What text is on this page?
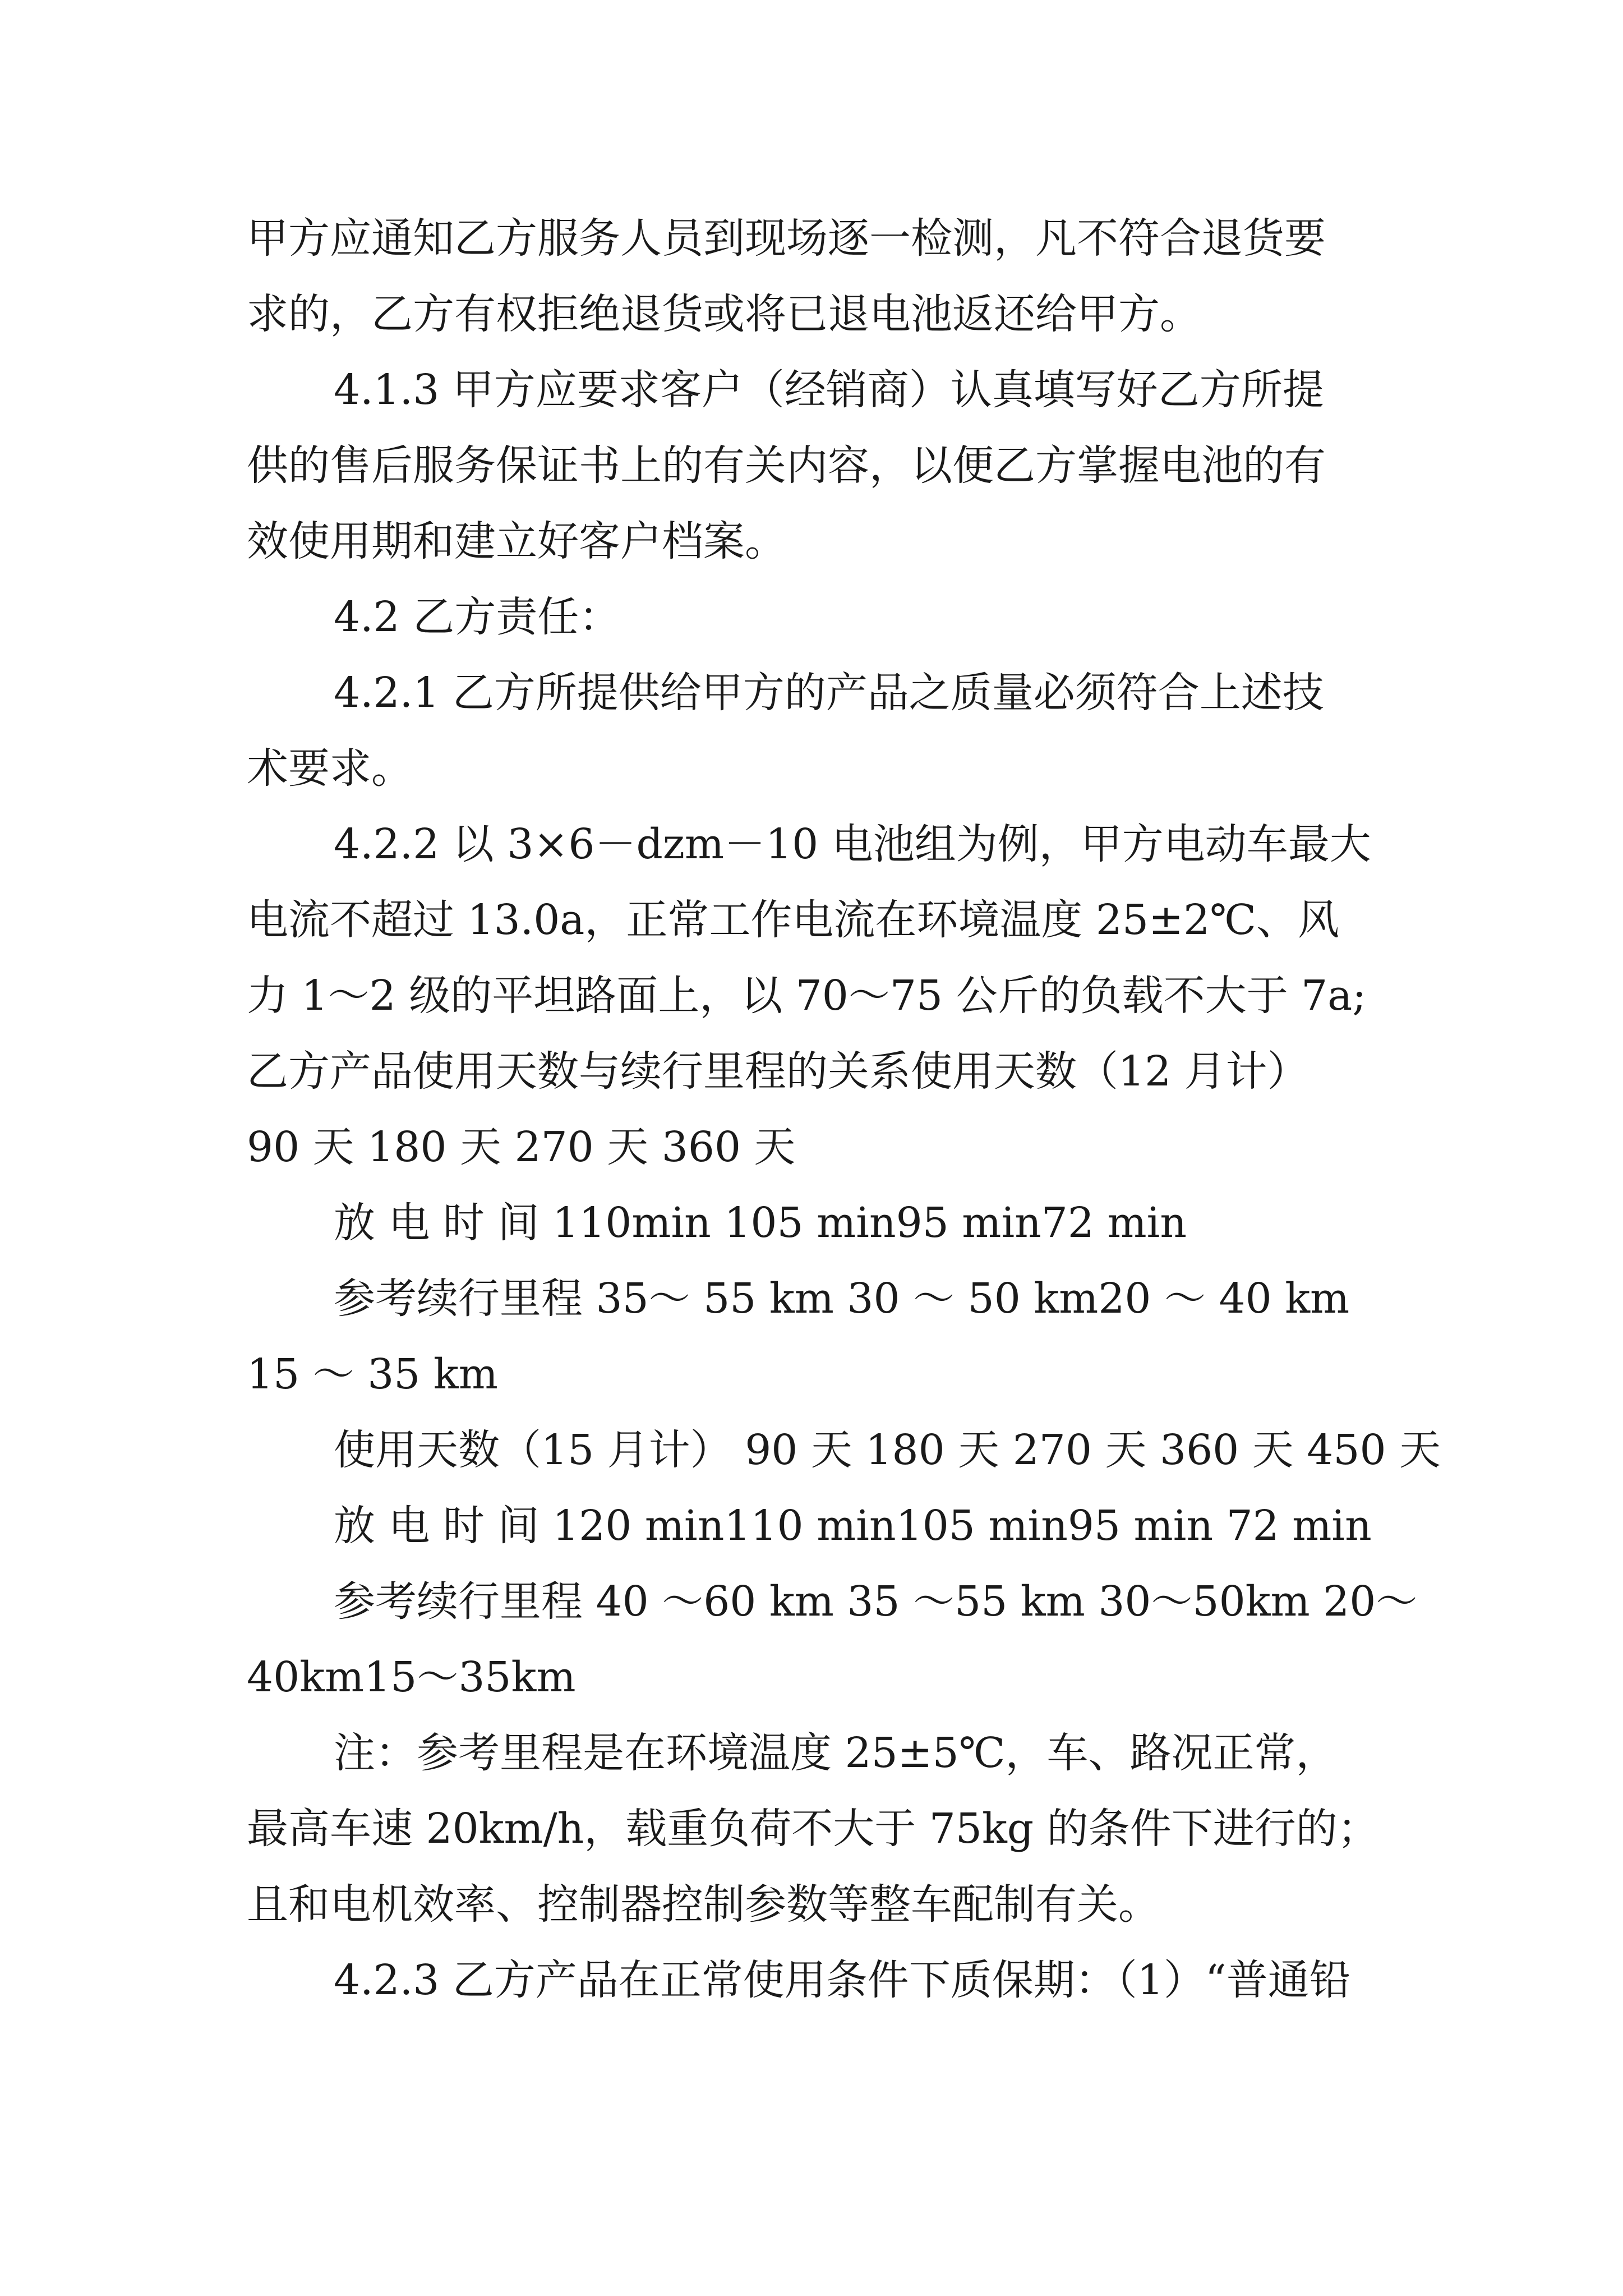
甲方应通知乙方服务人员到现场逐一检测，凡不符合退货要

求的，乙方有权拒绝退货或将已退电池返还给甲方。

4.1.3 甲方应要求客户（经销商）认真填写好乙方所提

供的售后服务保证书上的有关内容，以便乙方掌握电池的有

效使用期和建立好客户档案。

4.2 乙方责任：

4.2.1 乙方所提供给甲方的产品之质量必须符合上述技

术要求。

4.2.2 以 3×6－dzm－10 电池组为例，甲方电动车最大

电流不超过 13.0a，正常工作电流在环境温度 25±2℃、风

力 1～2 级的平坦路面上，以 70～75 公斤的负载不大于 7a;

乙方产品使用天数与续行里程的关系使用天数（12 月计）

90 天 180 天 270 天 360 天

放 电 时 间 110min 105 min95 min72 min

参考续行里程 35～ 55 km 30 ～ 50 km20 ～ 40 km

15 ～ 35 km

使用天数（15 月计） 90 天 180 天 270 天 360 天 450 天

放 电 时 间 120 min110 min105 min95 min 72 min

参考续行里程 40 ～60 km 35 ～55 km 30～50km 20～

40km15～35km

注：参考里程是在环境温度 25±5℃，车、路况正常，

最高车速 20km/h，载重负荷不大于 75kg 的条件下进行的；

且和电机效率、控制器控制参数等整车配制有关。

4.2.3 乙方产品在正常使用条件下质保期：（1）“普通铅
